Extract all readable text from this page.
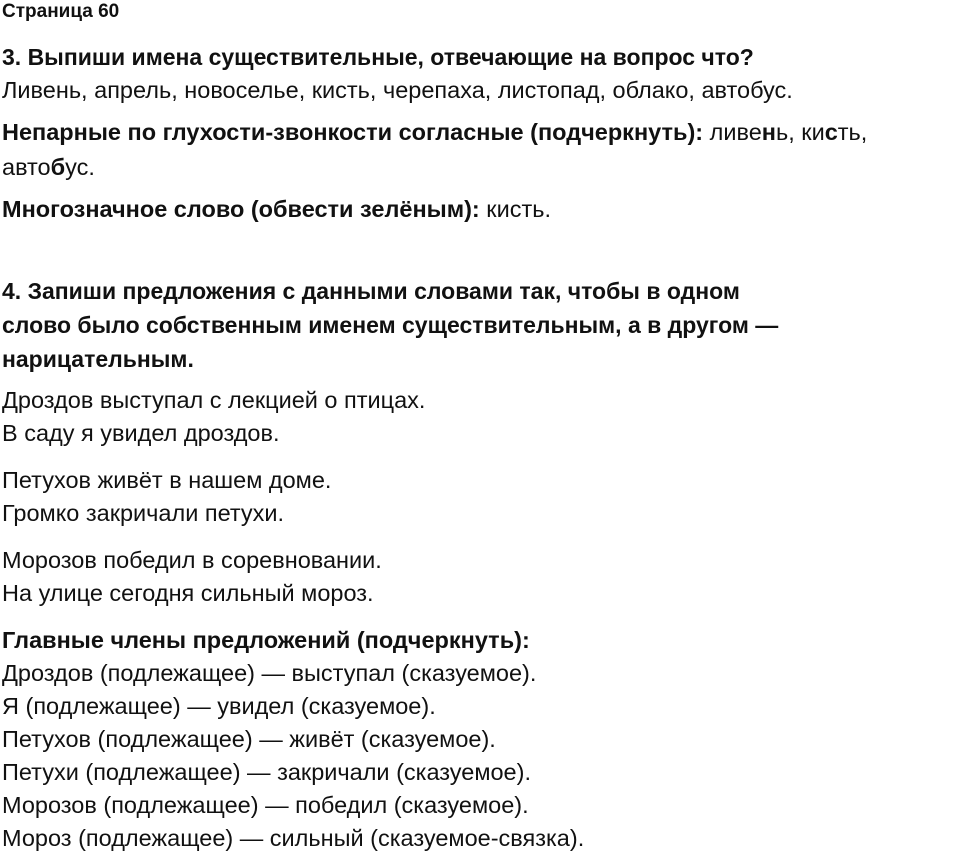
Страница 60

3. Выпиши имена существительные, отвечающие на вопрос что?

Ливень, апрель, новоселье, кисть, черепаха, листопад, облако, автобус.

Непарные по глухости-звонкости согласные (подчеркнуть): ливень, кисть, автобус.

Многозначное слово (обвести зелёным): кисть.

4. Запиши предложения с данными словами так, чтобы в одном

слово было собственным именем существительным, а в другом —

нарицательным.

Дроздов выступал с лекцией о птицах.

В саду я увидел дроздов.

Петухов живёт в нашем доме.

Громко закричали петухи.

Морозов победил в соревновании.

На улице сегодня сильный мороз.

Главные члены предложений (подчеркнуть):

Дроздов (подлежащее) — выступал (сказуемое).

Я (подлежащее) — увидел (сказуемое).

Петухов (подлежащее) — живёт (сказуемое).

Петухи (подлежащее) — закричали (сказуемое).

Морозов (подлежащее) — победил (сказуемое).

Мороз (подлежащее) — сильный (сказуемое-связка).
